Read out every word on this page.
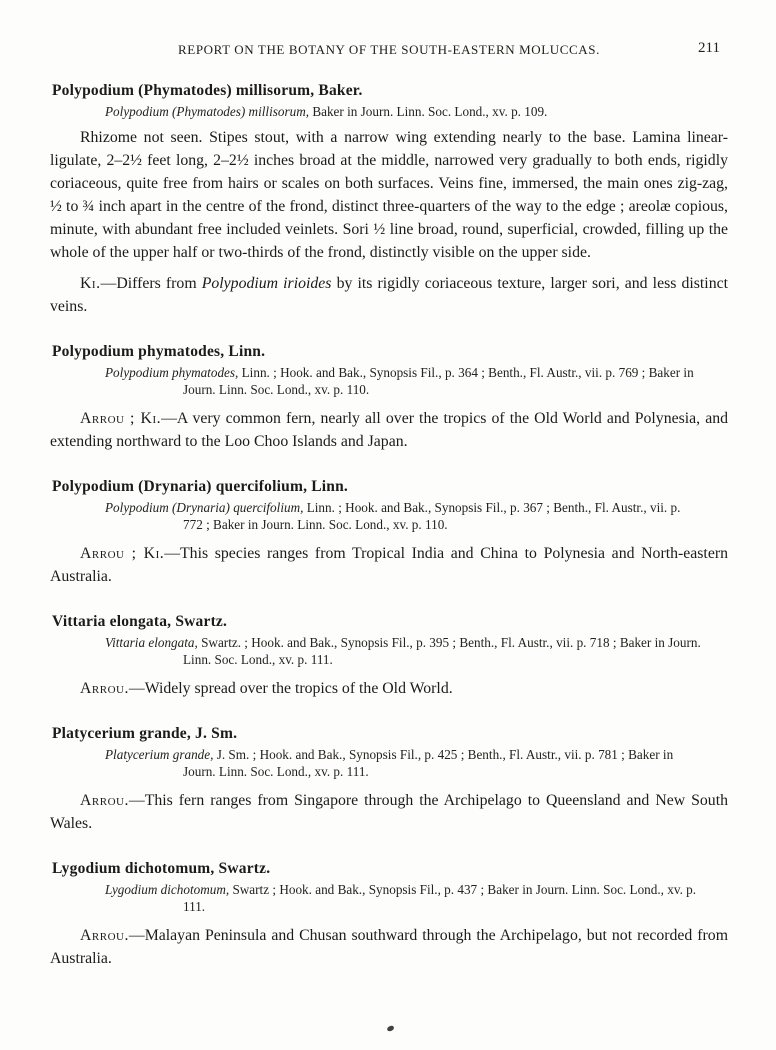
REPORT ON THE BOTANY OF THE SOUTH-EASTERN MOLUCCAS.	211
Polypodium (Phymatodes) millisorum, Baker.

Polypodium (Phymatodes) millisorum, Baker in Journ. Linn. Soc. Lond., xv. p. 109.

Rhizome not seen. Stipes stout, with a narrow wing extending nearly to the base. Lamina linear-ligulate, 2–2½ feet long, 2–2½ inches broad at the middle, narrowed very gradually to both ends, rigidly coriaceous, quite free from hairs or scales on both surfaces. Veins fine, immersed, the main ones zig-zag, ½ to ¾ inch apart in the centre of the frond, distinct three-quarters of the way to the edge ; areolæ copious, minute, with abundant free included veinlets. Sori ½ line broad, round, superficial, crowded, filling up the whole of the upper half or two-thirds of the frond, distinctly visible on the upper side.

Ki.—Differs from Polypodium irioides by its rigidly coriaceous texture, larger sori, and less distinct veins.

Polypodium phymatodes, Linn.

Polypodium phymatodes, Linn. ; Hook. and Bak., Synopsis Fil., p. 364 ; Benth., Fl. Austr., vii. p. 769 ; Baker in Journ. Linn. Soc. Lond., xv. p. 110.

Arrou ; Ki.—A very common fern, nearly all over the tropics of the Old World and Polynesia, and extending northward to the Loo Choo Islands and Japan.

Polypodium (Drynaria) quercifolium, Linn.

Polypodium (Drynaria) quercifolium, Linn. ; Hook. and Bak., Synopsis Fil., p. 367 ; Benth., Fl. Austr., vii. p. 772 ; Baker in Journ. Linn. Soc. Lond., xv. p. 110.

Arrou ; Ki.—This species ranges from Tropical India and China to Polynesia and North-eastern Australia.

Vittaria elongata, Swartz.

Vittaria elongata, Swartz. ; Hook. and Bak., Synopsis Fil., p. 395 ; Benth., Fl. Austr., vii. p. 718 ; Baker in Journ. Linn. Soc. Lond., xv. p. 111.

Arrou.—Widely spread over the tropics of the Old World.

Platycerium grande, J. Sm.

Platycerium grande, J. Sm. ; Hook. and Bak., Synopsis Fil., p. 425 ; Benth., Fl. Austr., vii. p. 781 ; Baker in Journ. Linn. Soc. Lond., xv. p. 111.

Arrou.—This fern ranges from Singapore through the Archipelago to Queensland and New South Wales.

Lygodium dichotomum, Swartz.

Lygodium dichotomum, Swartz ; Hook. and Bak., Synopsis Fil., p. 437 ; Baker in Journ. Linn. Soc. Lond., xv. p. 111.

Arrou.—Malayan Peninsula and Chusan southward through the Archipelago, but not recorded from Australia.
